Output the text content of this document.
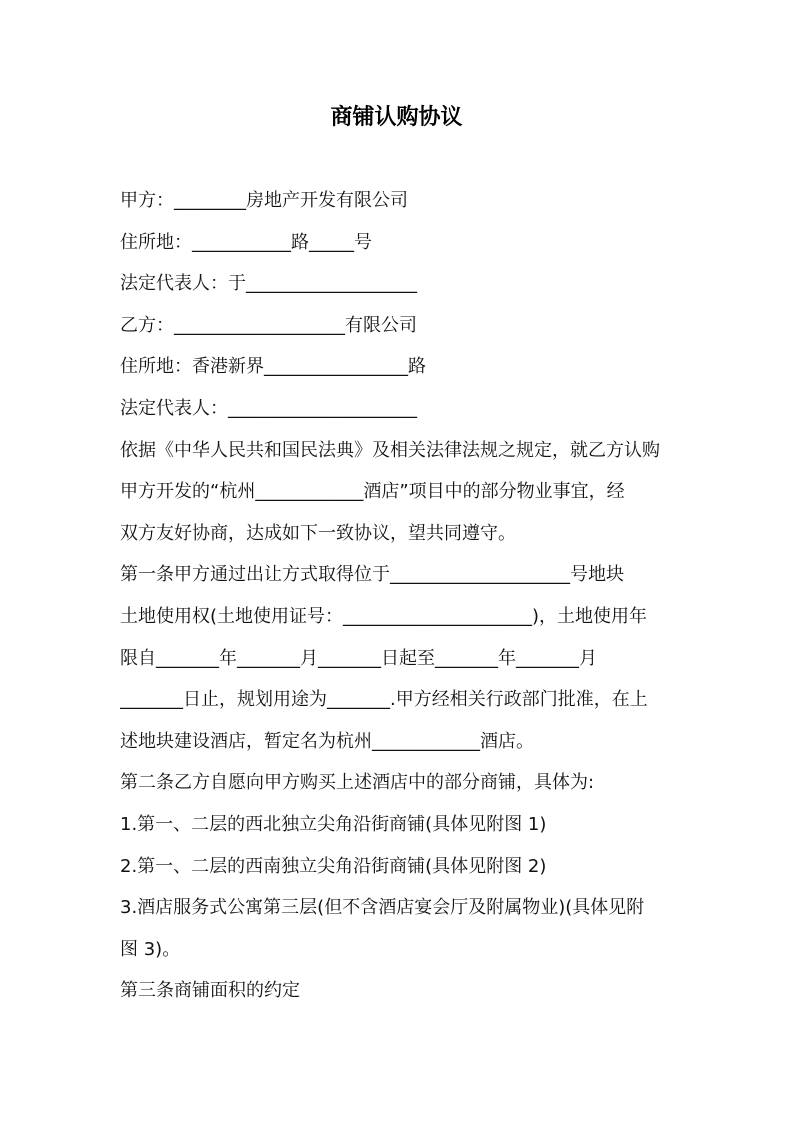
商铺认购协议
甲方：________房地产开发有限公司
住所地：___________路_____号
法定代表人：于___________________
乙方：___________________有限公司
住所地：香港新界________________路
法定代表人：_____________________
依据《中华人民共和国民法典》及相关法律法规之规定，就乙方认购
甲方开发的“杭州____________酒店”项目中的部分物业事宜，经
双方友好协商，达成如下一致协议，望共同遵守。
第一条甲方通过出让方式取得位于____________________号地块
土地使用权(土地使用证号：_____________________)，土地使用年
限自_______年_______月_______日起至_______年_______月
_______日止，规划用途为_______.甲方经相关行政部门批准，在上
述地块建设酒店，暂定名为杭州____________酒店。
第二条乙方自愿向甲方购买上述酒店中的部分商铺，具体为:
1.第一、二层的西北独立尖角沿街商铺(具体见附图 1)
2.第一、二层的西南独立尖角沿街商铺(具体见附图 2)
3.酒店服务式公寓第三层(但不含酒店宴会厅及附属物业)(具体见附
图 3)。
第三条商铺面积的约定
